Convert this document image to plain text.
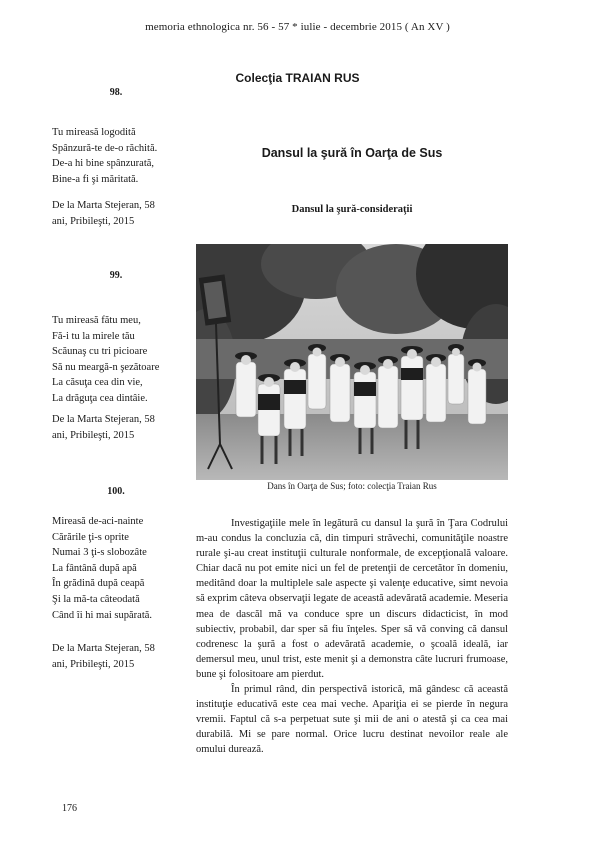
memoria ethnologica nr. 56 - 57 * iulie - decembrie 2015 ( An XV )
Colecţia TRAIAN RUS
98.
Tu mireasă logodită
Spânzură-te de-o răchită.
De-a hi bine spânzurată,
Bine-a fi şi măritată.
De la Marta Stejeran, 58
ani, Pribileşti, 2015
99.
Tu mireasă fătu meu,
Fă-i tu la mirele tău
Scăunaş cu tri picioare
Să nu meargă-n şezătoare
La căsuţa cea din vie,
La drăguţa cea dintâie.
De la Marta Stejeran, 58
ani, Pribileşti, 2015
100.
Mireasă de-aci-nainte
Cărările ţi-s oprite
Numai 3 ţi-s slobozâte
La fântână după apă
În grădină după ceapă
Şi la mă-ta câteodată
Când îi hi mai supărată.
De la Marta Stejeran, 58
ani, Pribileşti, 2015
Dansul la şură în Oarţa de Sus
Dansul la şură-consideraţii
Dans în Oarţa de Sus; foto: colecţia Traian Rus

Investigaţiile mele în legătură cu dansul la şură în Ţara Codrului m-au condus la concluzia că, din timpuri străvechi, comunităţile noastre rurale şi-au creat instituţii culturale nonformale, de excepţională valoare. Chiar dacă nu pot emite nici un fel de pretenţii de cercetător în domeniu, meditând doar la multiplele sale aspecte şi valenţe educative, simt nevoia să exprim câteva observaţii legate de această adevărată academie. Meseria mea de dascăl mă va conduce spre un discurs didacticist, în mod subiectiv, probabil, dar sper să fiu înţeles. Sper să vă conving că dansul codrenesc la şură a fost o adevărată academie, o şcoală ideală, iar demersul meu, unul trist, este menit şi a demonstra câte lucruri frumoase, bune şi folositoare am pierdut.

În primul rând, din perspectivă istorică, mă gândesc că această instituţie educativă este cea mai veche. Apariţia ei se pierde în negura vremii. Faptul că s-a perpetuat sute şi mii de ani o atestă şi ca cea mai durabilă. Mi se pare normal. Orice lucru destinat nevoilor reale ale omului durează.

176
